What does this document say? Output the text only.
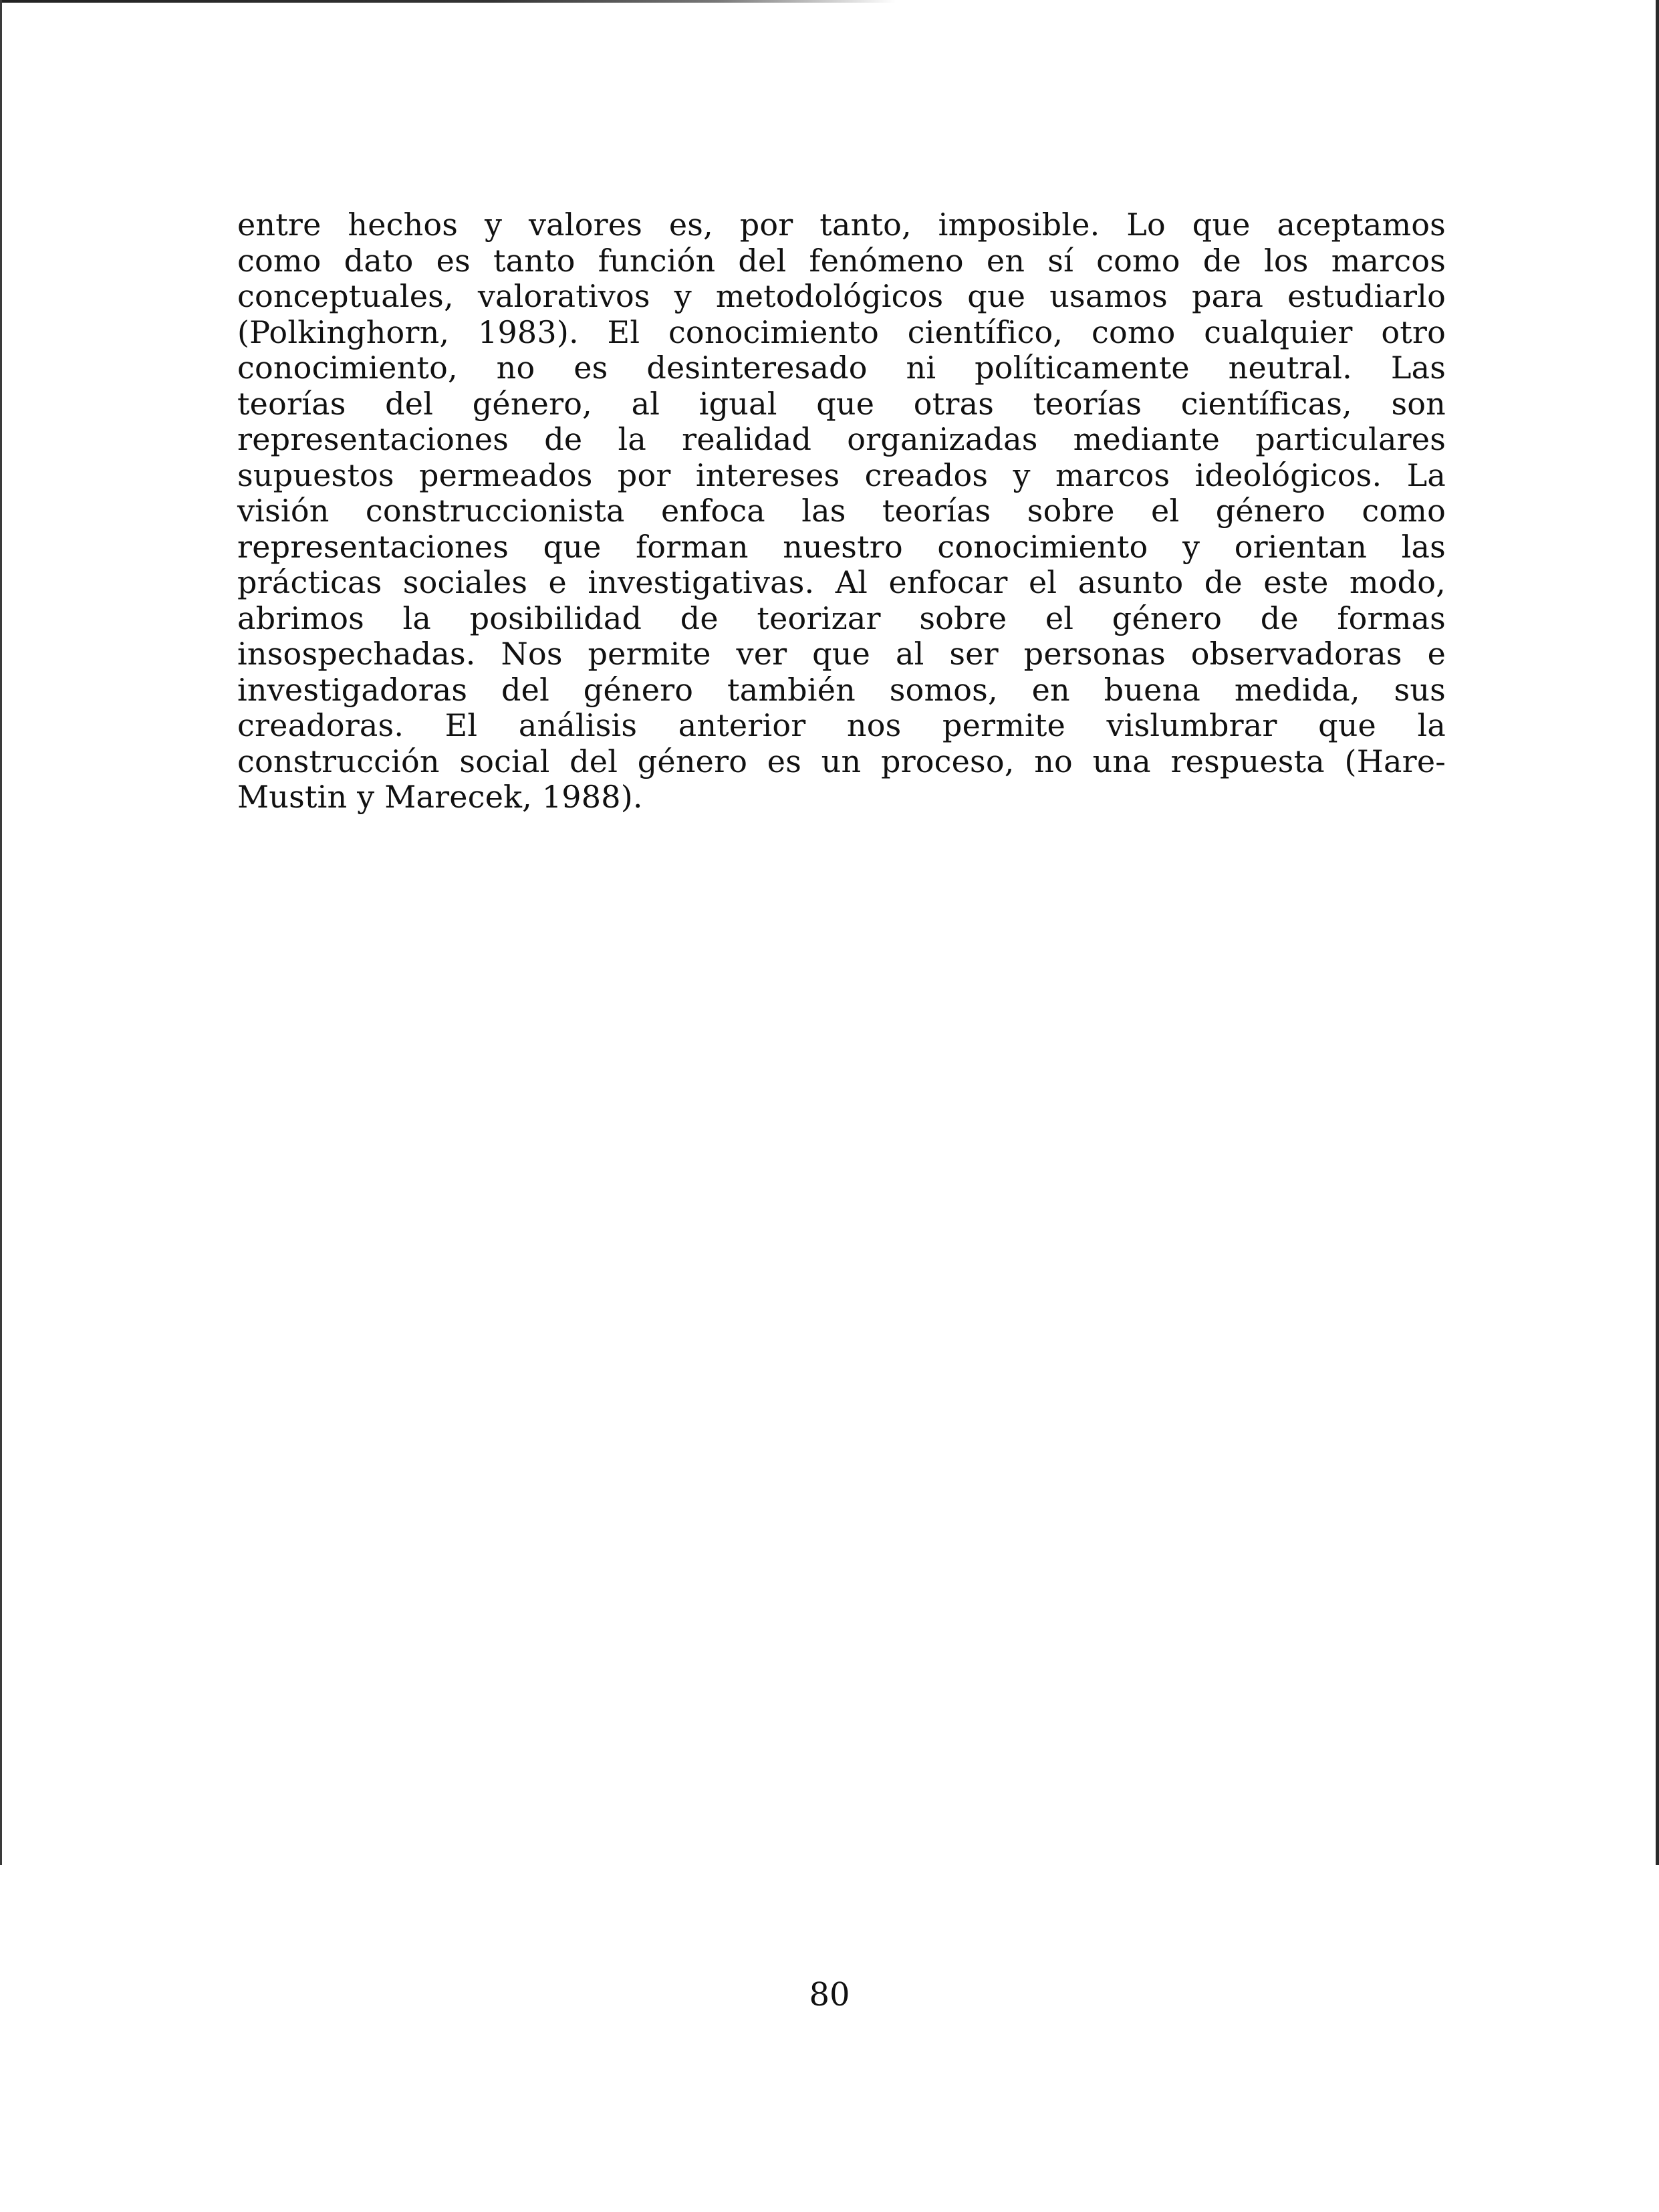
entre hechos y valores es, por tanto, imposible. Lo que aceptamos
como dato es tanto función del fenómeno en sí como de los marcos
conceptuales, valorativos y metodológicos que usamos para estudiarlo
(Polkinghorn, 1983). El conocimiento científico, como cualquier otro
conocimiento, no es desinteresado ni políticamente neutral. Las
teorías del género, al igual que otras teorías científicas, son
representaciones de la realidad organizadas mediante particulares
supuestos permeados por intereses creados y marcos ideológicos. La
visión construccionista enfoca las teorías sobre el género como
representaciones que forman nuestro conocimiento y orientan las
prácticas sociales e investigativas. Al enfocar el asunto de este modo,
abrimos la posibilidad de teorizar sobre el género de formas
insospechadas. Nos permite ver que al ser personas observadoras e
investigadoras del género también somos, en buena medida, sus
creadoras. El análisis anterior nos permite vislumbrar que la
construcción social del género es un proceso, no una respuesta (Hare-
Mustin y Marecek, 1988).
80
